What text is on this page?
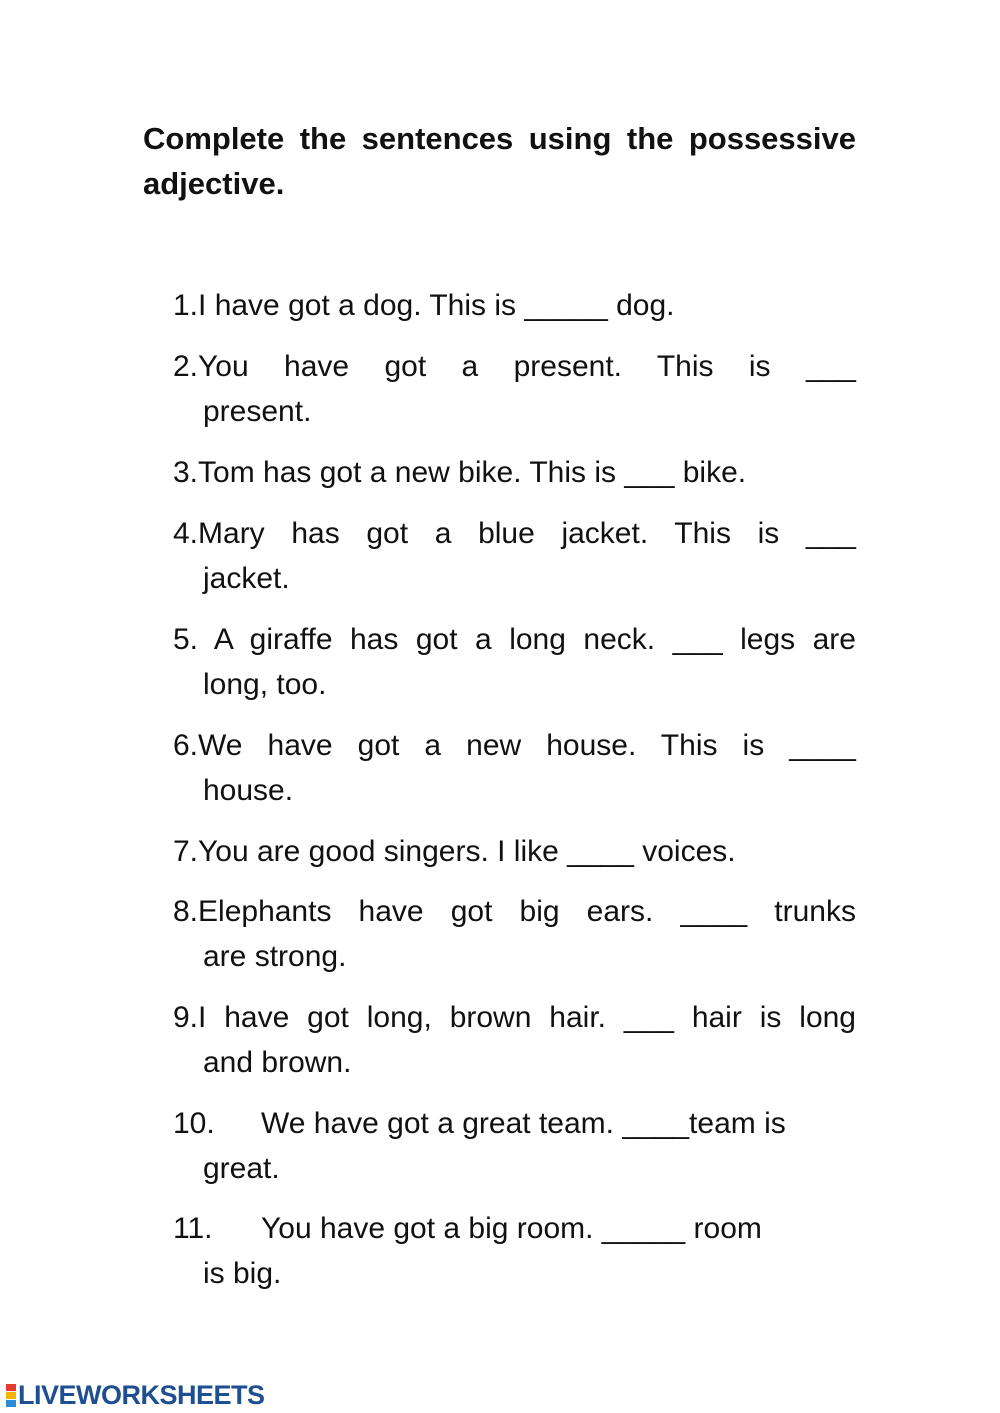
Complete the sentences using the possessive adjective.
1.I have got a dog. This is _____ dog.
2.You have got a present. This is ___
present.
3.Tom has got a new bike. This is ___ bike.
4.Mary has got a blue jacket. This is ___
jacket.
5. A giraffe has got a long neck. ___ legs are
long, too.
6.We have got a new house. This is ____
house.
7.You are good singers. I like ____ voices.
8.Elephants have got big ears. ____ trunks
are strong.
9.I have got long, brown hair. ___ hair is long
and brown.
10. We have got a great team. ____team is
great.
11. You have got a big room. _____ room
is big.
LIVEWORKSHEETS
